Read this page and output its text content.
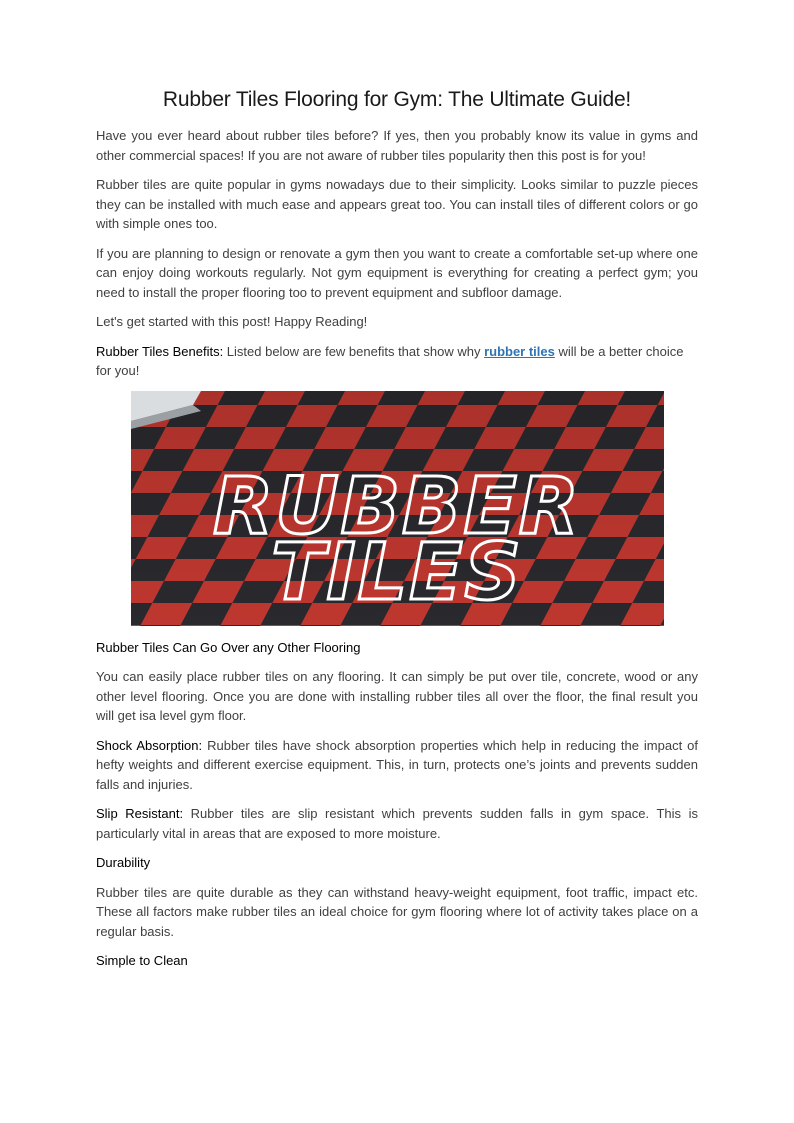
Rubber Tiles Flooring for Gym: The Ultimate Guide!

Have you ever heard about rubber tiles before? If yes, then you probably know its value in gyms and other commercial spaces! If you are not aware of rubber tiles popularity then this post is for you!

Rubber tiles are quite popular in gyms nowadays due to their simplicity. Looks similar to puzzle pieces they can be installed with much ease and appears great too. You can install tiles of different colors or go with simple ones too.

If you are planning to design or renovate a gym then you want to create a comfortable set-up where one can enjoy doing workouts regularly. Not gym equipment is everything for creating a perfect gym; you need to install the proper flooring too to prevent equipment and subfloor damage.

Let's get started with this post! Happy Reading!

Rubber Tiles Benefits: Listed below are few benefits that show why rubber tiles will be a better choice for you!

RUBBER
TILES
Rubber Tiles Can Go Over any Other Flooring

You can easily place rubber tiles on any flooring. It can simply be put over tile, concrete, wood or any other level flooring. Once you are done with installing rubber tiles all over the floor, the final result you will get isa level gym floor.

Shock Absorption: Rubber tiles have shock absorption properties which help in reducing the impact of hefty weights and different exercise equipment. This, in turn, protects one’s joints and prevents sudden falls and injuries.

Slip Resistant: Rubber tiles are slip resistant which prevents sudden falls in gym space. This is particularly vital in areas that are exposed to more moisture.

Durability

Rubber tiles are quite durable as they can withstand heavy-weight equipment, foot traffic, impact etc. These all factors make rubber tiles an ideal choice for gym flooring where lot of activity takes place on a regular basis.

Simple to Clean
